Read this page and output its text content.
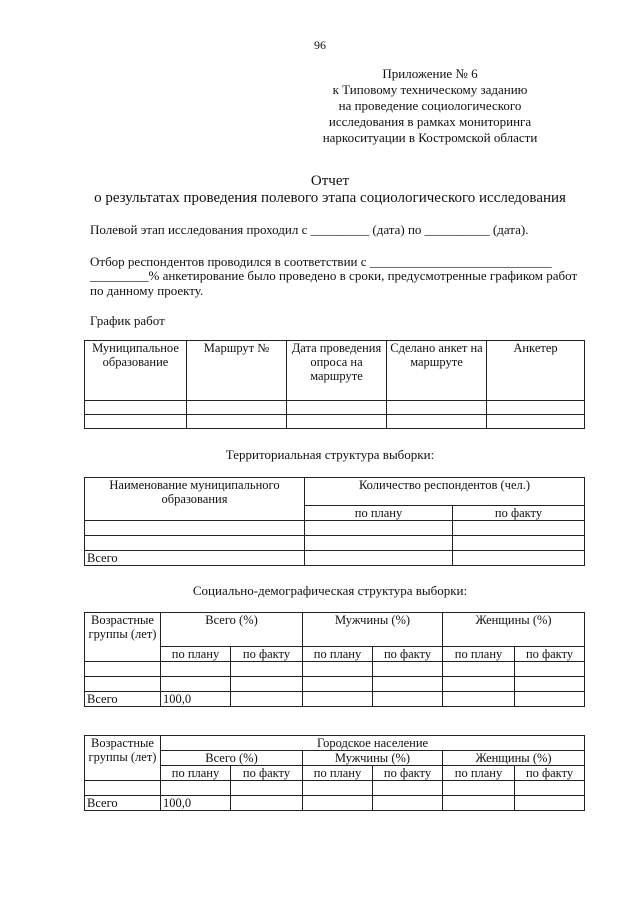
96
Приложение № 6
к Типовому техническому заданию
на проведение социологического
исследования в рамках мониторинга
наркоситуации в Костромской области
Отчет
о результатах проведения полевого этапа социологического исследования
Полевой этап исследования проходил с _________ (дата) по __________ (дата).
Отбор респондентов проводился в соответствии с ____________________________
_________% анкетирование было проведено в сроки, предусмотренные графиком работ
по данному проекту.
График работ
Муниципальное образование	Маршрут №	Дата проведения опроса на маршруте	Сделано анкет на маршруте	Анкетер

Территориальная структура выборки:
Наименование муниципального образования	Количество респондентов (чел.)	
	по плану	по факту

Всего		
Социально-демографическая структура выборки:
Возрастные группы (лет)	Всего (%)		Мужчины (%)		Женщины (%)	
	по плану	по факту	по плану	по факту	по плану	по факту

Всего	100,0					
Возрастные группы (лет)	Городское население					
	Всего (%)		Мужчины (%)		Женщины (%)	
	по плану	по факту	по плану	по факту	по плану	по факту

Всего	100,0					
